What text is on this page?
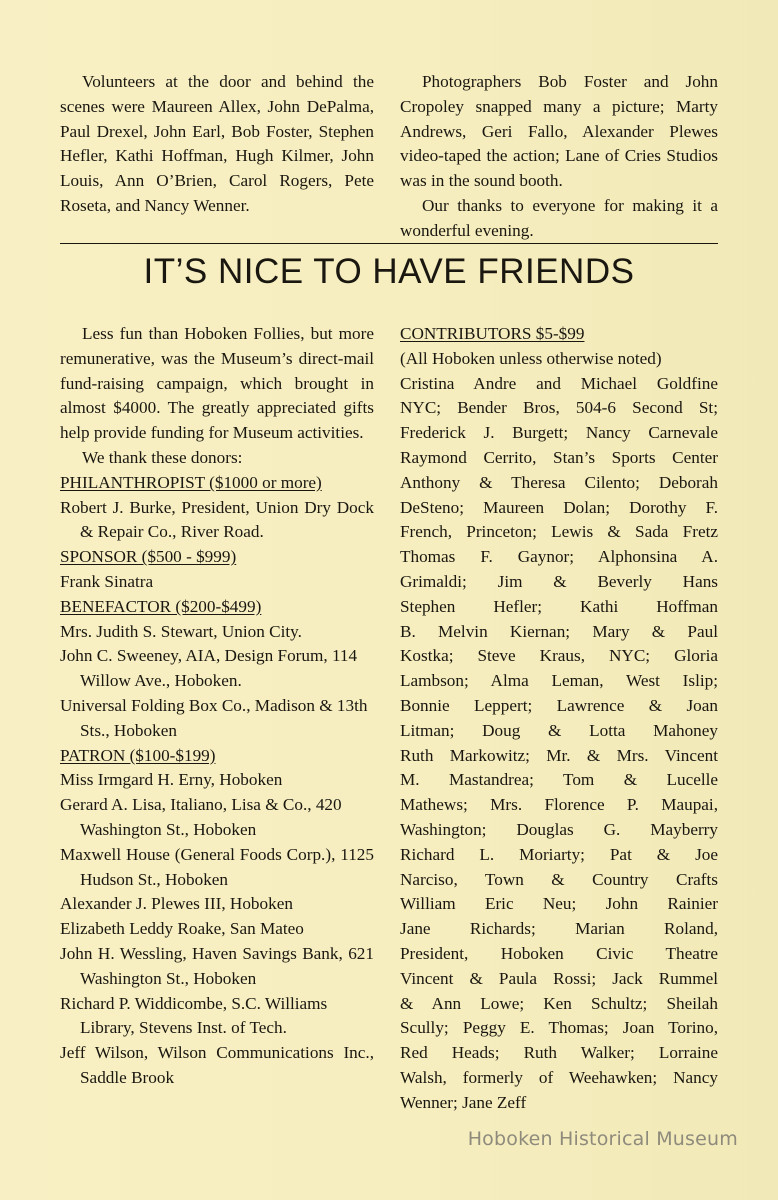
Volunteers at the door and behind the scenes were Maureen Allex, John DePalma, Paul Drexel, John Earl, Bob Foster, Stephen Hefler, Kathi Hoffman, Hugh Kilmer, John Louis, Ann O’Brien, Carol Rogers, Pete Roseta, and Nancy Wenner.

Photographers Bob Foster and John Cropoley snapped many a picture; Marty Andrews, Geri Fallo, Alexander Plewes video-taped the action; Lane of Cries Studios was in the sound booth.

Our thanks to everyone for making it a wonderful evening.

IT’S NICE TO HAVE FRIENDS

Less fun than Hoboken Follies, but more remunerative, was the Museum’s direct-mail fund-raising campaign, which brought in almost $4000. The greatly appreciated gifts help provide funding for Museum activities.

We thank these donors:

PHILANTHROPIST ($1000 or more)

Robert J. Burke, President, Union Dry Dock & Repair Co., River Road.

SPONSOR ($500 - $999)

Frank Sinatra

BENEFACTOR ($200-$499)

Mrs. Judith S. Stewart, Union City.

John C. Sweeney, AIA, Design Forum, 114 Willow Ave., Hoboken.

Universal Folding Box Co., Madison & 13th Sts., Hoboken

PATRON ($100-$199)

Miss Irmgard H. Erny, Hoboken

Gerard A. Lisa, Italiano, Lisa & Co., 420 Washington St., Hoboken

Maxwell House (General Foods Corp.), 1125 Hudson St., Hoboken

Alexander J. Plewes III, Hoboken

Elizabeth Leddy Roake, San Mateo

John H. Wessling, Haven Savings Bank, 621 Washington St., Hoboken

Richard P. Widdicombe, S.C. Williams Library, Stevens Inst. of Tech.

Jeff Wilson, Wilson Communications Inc., Saddle Brook

CONTRIBUTORS $5-$99

(All Hoboken unless otherwise noted)

Cristina Andre and Michael Goldfine

NYC; Bender Bros, 504-6 Second St;

Frederick J. Burgett; Nancy Carnevale

Raymond Cerrito, Stan’s Sports Center

Anthony & Theresa Cilento; Deborah

DeSteno; Maureen Dolan; Dorothy F.

French, Princeton; Lewis & Sada Fretz

Thomas F. Gaynor; Alphonsina A.

Grimaldi; Jim & Beverly Hans

Stephen Hefler; Kathi Hoffman

B. Melvin Kiernan; Mary & Paul

Kostka; Steve Kraus, NYC; Gloria

Lambson; Alma Leman, West Islip;

Bonnie Leppert; Lawrence & Joan

Litman; Doug & Lotta Mahoney

Ruth Markowitz; Mr. & Mrs. Vincent

M. Mastandrea; Tom & Lucelle

Mathews; Mrs. Florence P. Maupai,

Washington; Douglas G. Mayberry

Richard L. Moriarty; Pat & Joe

Narciso, Town & Country Crafts

William Eric Neu; John Rainier

Jane Richards; Marian Roland,

President, Hoboken Civic Theatre

Vincent & Paula Rossi; Jack Rummel

& Ann Lowe; Ken Schultz; Sheilah

Scully; Peggy E. Thomas; Joan Torino,

Red Heads; Ruth Walker; Lorraine

Walsh, formerly of Weehawken; Nancy

Wenner; Jane Zeff

Hoboken Historical Museum
